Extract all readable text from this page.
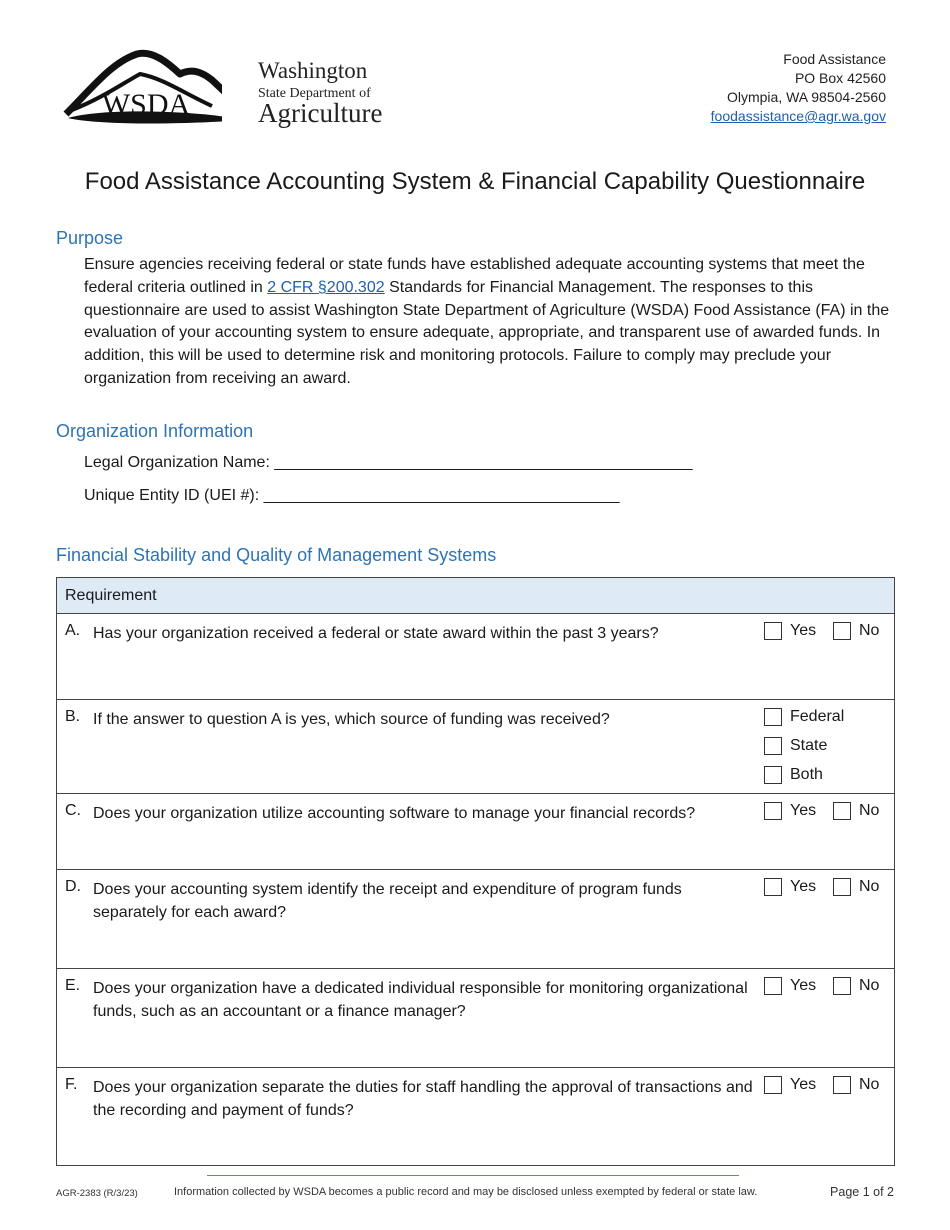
WSDA
Washington
State Department of
Agriculture
Food Assistance
PO Box 42560
Olympia, WA 98504-2560
foodassistance@agr.wa.gov
Food Assistance Accounting System & Financial Capability Questionnaire
Purpose
Ensure agencies receiving federal or state funds have established adequate accounting systems that meet the federal criteria outlined in 2 CFR §200.302 Standards for Financial Management. The responses to this questionnaire are used to assist Washington State Department of Agriculture (WSDA) Food Assistance (FA) in the evaluation of your accounting system to ensure adequate, appropriate, and transparent use of awarded funds. In addition, this will be used to determine risk and monitoring protocols. Failure to comply may preclude your organization from receiving an award.
Organization Information
Legal Organization Name: _______________________________________________
Unique Entity ID (UEI #): ________________________________________
Financial Stability and Quality of Management Systems
Requirement
A. Has your organization received a federal or state award within the past 3 years?	Yes	No
B. If the answer to question A is yes, which source of funding was received?	Federal
State
Both
C. Does your organization utilize accounting software to manage your financial records?	Yes	No
D. Does your accounting system identify the receipt and expenditure of program funds separately for each award?
Yes	No
E. Does your organization have a dedicated individual responsible for monitoring organizational funds, such as an accountant or a finance manager?
Yes	No
F. Does your organization separate the duties for staff handling the approval of transactions and the recording and payment of funds?
Yes	No
AGR-2383 (R/3/23)	Information collected by WSDA becomes a public record and may be disclosed unless exempted by federal or state law.	Page 1 of 2
